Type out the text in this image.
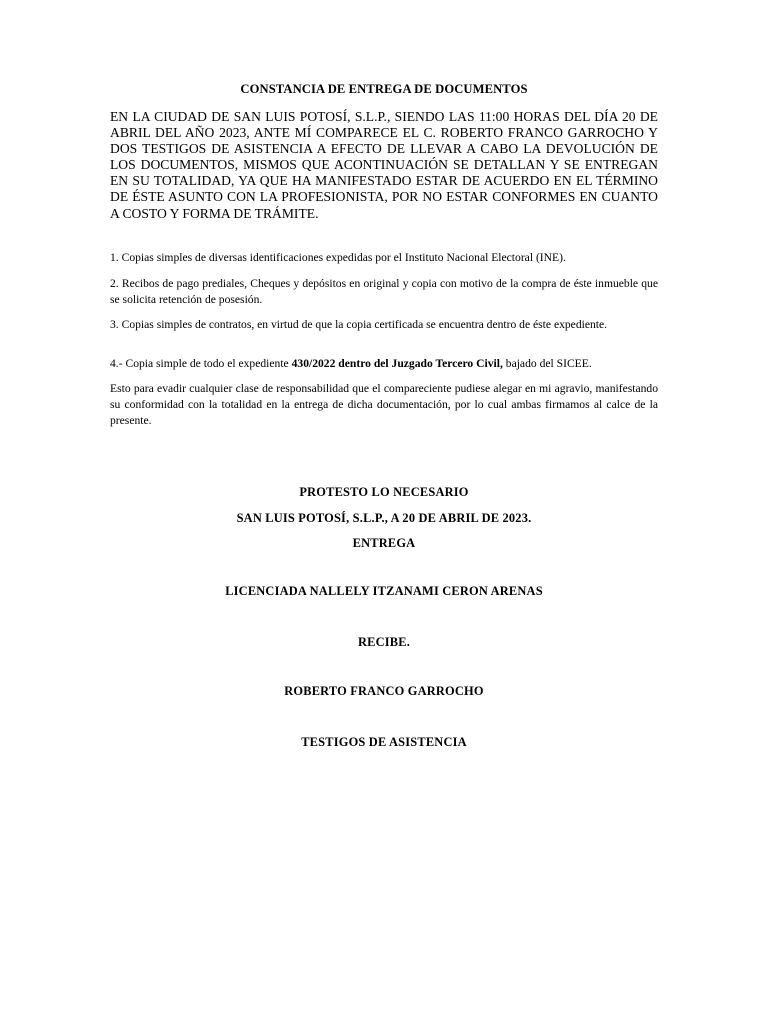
CONSTANCIA DE ENTREGA DE DOCUMENTOS

EN LA CIUDAD DE SAN LUIS POTOSÍ, S.L.P., SIENDO LAS 11:00 HORAS DEL DÍA 20 DE ABRIL DEL AÑO 2023, ANTE MÍ COMPARECE EL C. ROBERTO FRANCO GARROCHO Y DOS TESTIGOS DE ASISTENCIA A EFECTO DE LLEVAR A CABO LA DEVOLUCIÓN DE LOS DOCUMENTOS, MISMOS QUE ACONTINUACIÓN SE DETALLAN Y SE ENTREGAN EN SU TOTALIDAD, YA QUE HA MANIFESTADO ESTAR DE ACUERDO EN EL TÉRMINO DE ÉSTE ASUNTO CON LA PROFESIONISTA, POR NO ESTAR CONFORMES EN CUANTO A COSTO Y FORMA DE TRÁMITE.

1. Copias simples de diversas identificaciones expedidas por el Instituto Nacional Electoral (INE).

2. Recibos de pago prediales, Cheques y depósitos en original y copia con motivo de la compra de éste inmueble que se solicita retención de posesión.

3. Copias simples de contratos, en virtud de que la copia certificada se encuentra dentro de éste expediente.

4.- Copia simple de todo el expediente 430/2022 dentro del Juzgado Tercero Civil, bajado del SICEE.

Esto para evadir cualquier clase de responsabilidad que el compareciente pudiese alegar en mi agravio, manifestando su conformidad con la totalidad en la entrega de dicha documentación, por lo cual ambas firmamos al calce de la presente.

PROTESTO LO NECESARIO
SAN LUIS POTOSÍ, S.L.P., A 20 DE ABRIL DE 2023.
ENTREGA
LICENCIADA NALLELY ITZANAMI CERON ARENAS
RECIBE.
ROBERTO FRANCO GARROCHO
TESTIGOS DE ASISTENCIA
